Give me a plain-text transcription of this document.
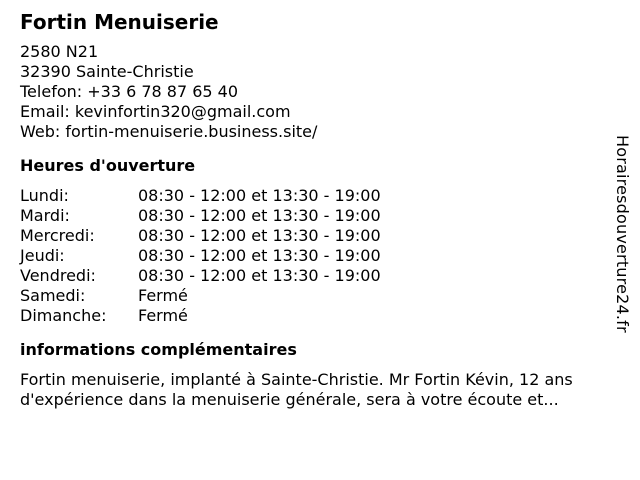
Fortin Menuiserie
2580 N21
32390 Sainte-Christie
Telefon: +33 6 78 87 65 40
Email: kevinfortin320@gmail.com
Web: fortin-menuiserie.business.site/
Heures d'ouverture
Lundi:	08:30 - 12:00 et 13:30 - 19:00
Mardi:	08:30 - 12:00 et 13:30 - 19:00
Mercredi:	08:30 - 12:00 et 13:30 - 19:00
Jeudi:	08:30 - 12:00 et 13:30 - 19:00
Vendredi:	08:30 - 12:00 et 13:30 - 19:00
Samedi:	Fermé
Dimanche:	Fermé
informations complémentaires
Fortin menuiserie, implanté à Sainte-Christie. Mr Fortin Kévin, 12 ans d'expérience dans la menuiserie générale, sera à votre écoute et...
Horairesdouverture24.fr
